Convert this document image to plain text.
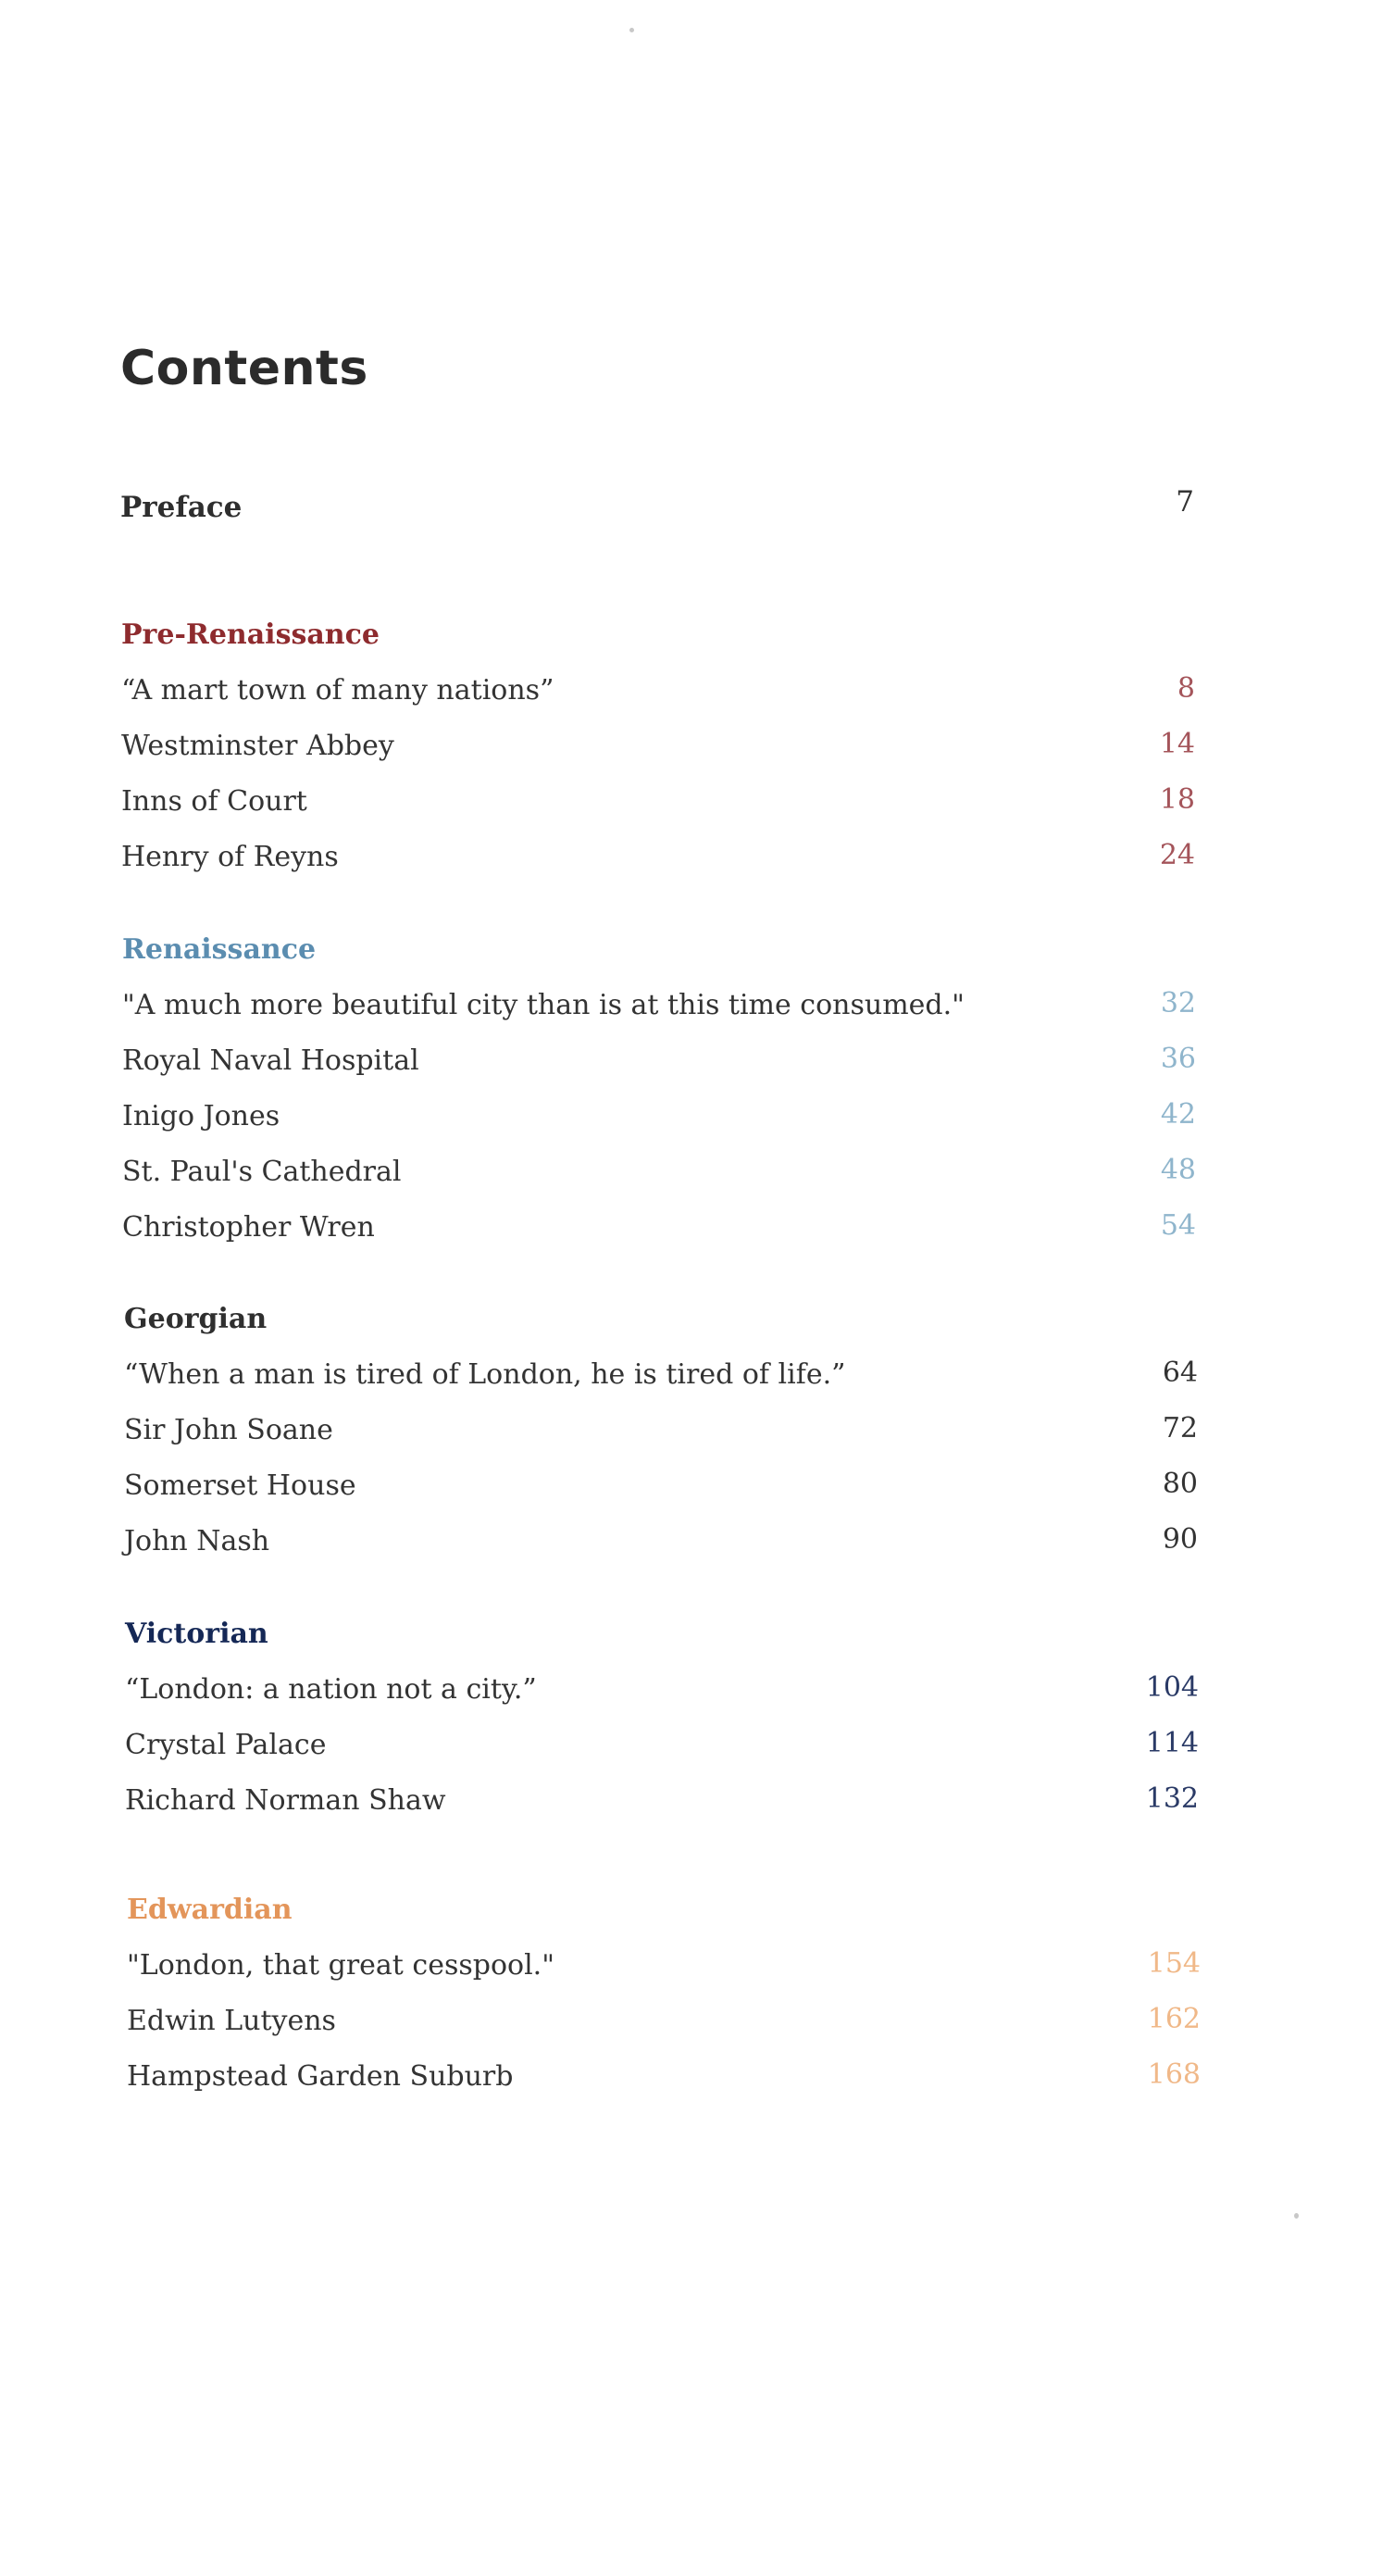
Contents
Preface	7
Pre-Renaissance
“A mart town of many nations”	8
Westminster Abbey	14
Inns of Court	18
Henry of Reyns	24
Renaissance
"A much more beautiful city than is at this time consumed."	32
Royal Naval Hospital	36
Inigo Jones	42
St. Paul's Cathedral	48
Christopher Wren	54
Georgian
“When a man is tired of London, he is tired of life.”	64
Sir John Soane	72
Somerset House	80
John Nash	90
Victorian
“London: a nation not a city.”	104
Crystal Palace	114
Richard Norman Shaw	132
Edwardian
"London, that great cesspool."	154
Edwin Lutyens	162
Hampstead Garden Suburb	168
